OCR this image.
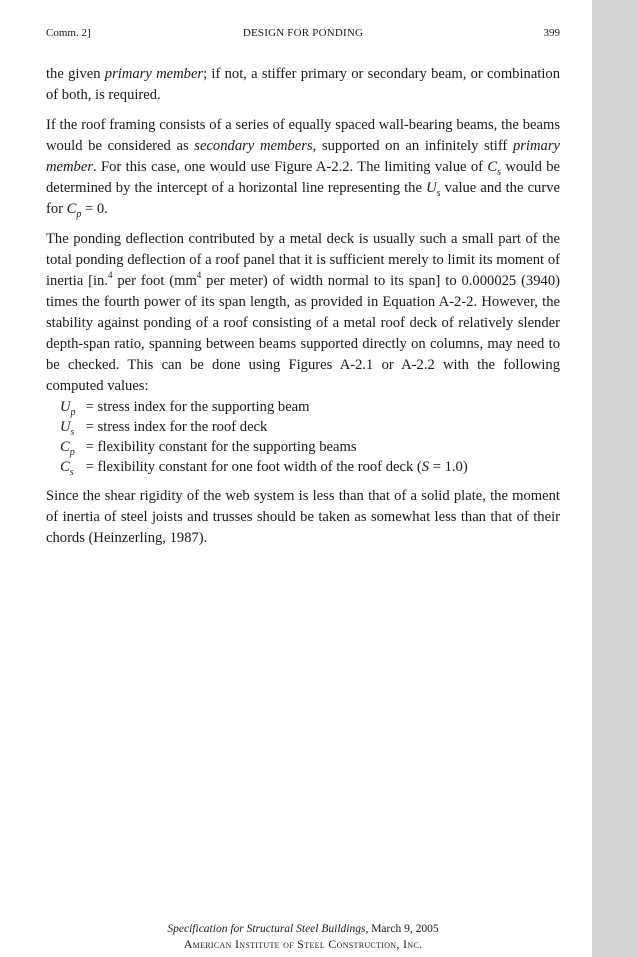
Comm. 2]	DESIGN FOR PONDING	399

the given primary member; if not, a stiffer primary or secondary beam, or combination of both, is required.

If the roof framing consists of a series of equally spaced wall-bearing beams, the beams would be considered as secondary members, supported on an infinitely stiff primary member. For this case, one would use Figure A-2.2. The limiting value of $C_s$ would be determined by the intercept of a horizontal line representing the $U_s$ value and the curve for $C_p = 0$.

The ponding deflection contributed by a metal deck is usually such a small part of the total ponding deflection of a roof panel that it is sufficient merely to limit its moment of inertia [in.$^4$ per foot ($mm^4$ per meter) of width normal to its span] to 0.000025 (3940) times the fourth power of its span length, as provided in Equation A-2-2. However, the stability against ponding of a roof consisting of a metal roof deck of relatively slender depth-span ratio, spanning between beams supported directly on columns, may need to be checked. This can be done using Figures A-2.1 or A-2.2 with the following computed values:

$U_p$ = stress index for the supporting beam
$U_s$ = stress index for the roof deck
$C_p$ = flexibility constant for the supporting beams
$C_s$ = flexibility constant for one foot width of the roof deck (S = 1.0)

Since the shear rigidity of the web system is less than that of a solid plate, the moment of inertia of steel joists and trusses should be taken as somewhat less than that of their chords (Heinzerling, 1987).

Specification for Structural Steel Buildings, March 9, 2005
American Institute of Steel Construction, Inc.
